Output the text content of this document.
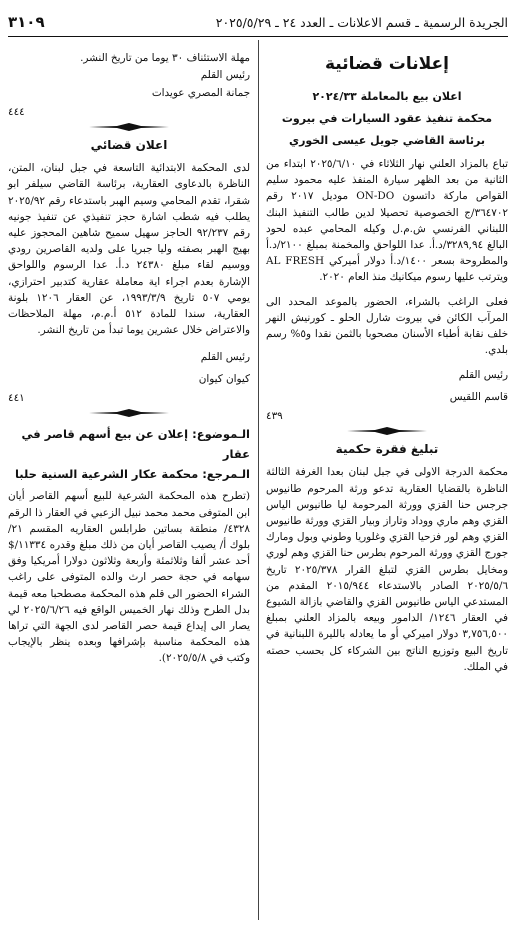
الجريدة الرسمية ـ قسم الاعلانات ـ العدد ٢٤ ـ ٢٠٢٥/٥/٢٩
٣١٠٩
إعلانات قضائية
اعلان بيع بالمعاملة ٢٠٢٤/٣٣
محكمة تنفيذ عقود السيارات في بيروت
برئاسة القاضي جويل عيسى الخوري

تباع بالمزاد العلني نهار الثلاثاء في ٢٠٢٥/٦/١٠ ابتداء من الثانية من بعد الظهر سيارة المنفذ عليه محمود سليم القواص ماركة داتسون ON-DO موديل ٢٠١٧ رقم ٣٦٤٧٠٢/ج الخصوصية تحصيلا لدين طالب التنفيذ البنك اللبناني الفرنسي ش.م.ل وكيله المحامي عبده لحود البالغ ٣٢٨٩,٩٤/د.أ. عدا اللواحق والمخمنة بمبلغ ٢١٠٠/د.أ والمطروحة بسعر ١٤٠٠/د.أ دولار أميركي AL FRESH ويترتب عليها رسوم ميكانيك منذ العام ٢٠٢٠.

فعلى الراغب بالشراء، الحضور بالموعد المحدد الى المرآب الكائن في بيروت شارل الحلو ـ كورنيش النهر خلف نقابة أطباء الأسنان مصحوبا بالثمن نقدا و٥% رسم بلدي.

رئيس القلم

قاسم اللقيس

٤٣٩
تبليغ فقرة حكمية

محكمة الدرجة الاولى في جبل لبنان بعدا الغرفة الثالثة الناظرة بالقضايا العقارية تدعو ورثة المرحوم طانيوس جرجس حنا القزي وورثة المرحومة ليا طانيوس الياس القزي وهم ماري ووداد وتاراز وبيار القزي وورثة طانيوس القزي وهم لور فزحيا القزي وغلوريا وطوني وبول ومارك جورج القزي وورثة المرحوم بطرس حنا القزي وهم لوري ومخايل بطرس القزي لتبلغ القرار ٢٠٢٥/٣٧٨ تاريخ ٢٠٢٥/٥/٦ الصادر بالاستدعاء ٢٠١٥/٩٤٤ المقدم من المستدعي الياس طانيوس القزي والقاضي بازالة الشيوع في العقار ١٢٤٦/ الدامور وبيعه بالمزاد العلني بمبلغ ٣,٧٥٦,٥٠٠ دولار اميركي أو ما يعادله بالليرة اللبنانية في تاريخ البيع وتوزيع الناتج بين الشركاء كل بحسب حصته في الملك.

مهلة الاستئناف ٣٠ يوما من تاريخ النشر.

رئيس القلم

جمانة المصري عويدات

٤٤٤
اعلان قضائي

لدى المحكمة الابتدائية التاسعة في جبل لبنان، المتن، الناظرة بالدعاوى العقارية، برئاسة القاضي سيلفر ابو شقرا، تقدم المحامي وسيم الهبر باستدعاء رقم ٢٠٢٥/٩٢ يطلب فيه شطب اشارة حجز تنفيذي عن تنفيذ جونيه رقم ٩٢/٢٣٧ الحاجز سهيل سميح شاهين المحجوز عليه بهيج الهبر بصفته وليا جبريا على ولديه القاصرين رودي ووسيم لقاء مبلغ ٢٤٣٨٠ د.أ. عدا الرسوم واللواحق الإشارة بعدم اجراء اية معاملة عقارية كتدبير احترازي، يومي ٥٠٧ تاريخ ١٩٩٣/٣/٩، عن العقار ١٢٠٦ بلونة العقارية، سندا للمادة ٥١٢ أ.م.م، مهلة الملاحظات والاعتراض خلال عشرين يوما تبدأ من تاريخ النشر.

رئيس القلم

كيوان كيوان

٤٤١
الـموضوع: إعلان عن بيع أسهم قاصر في عقار
الـمرجع: محكمة عكار الشرعية السنية حلبا

(تطرح هذه المحكمة الشرعية للبيع أسهم القاصر أيان ابن المتوفى محمد محمد نبيل الزعبي في العقار ذا الرقم ٤٣٢٨/ منطقة بساتين طرابلس العقاريه المقسم ٢١/ بلوك أ/ يصيب القاصر أيان من ذلك مبلغ وقدره ١١٣٣٤/$ أحد عشر ألفا وثلاثمئة وأربعة وثلاثون دولارا أمريكيا وفق سهامه في حجة حصر ارث والده المتوفى على راغب الشراء الحضور الى قلم هذه المحكمة مصطحبا معه قيمة بدل الطرح وذلك نهار الخميس الواقع فيه ٢٠٢٥/٦/٢٦ لي يصار الى إيداع قيمة حصر القاصر لدى الجهة التي تراها هذه المحكمة مناسبة بإشرافها وبعده ينظر بالإيجاب وكتب في ٢٠٢٥/٥/٨).
